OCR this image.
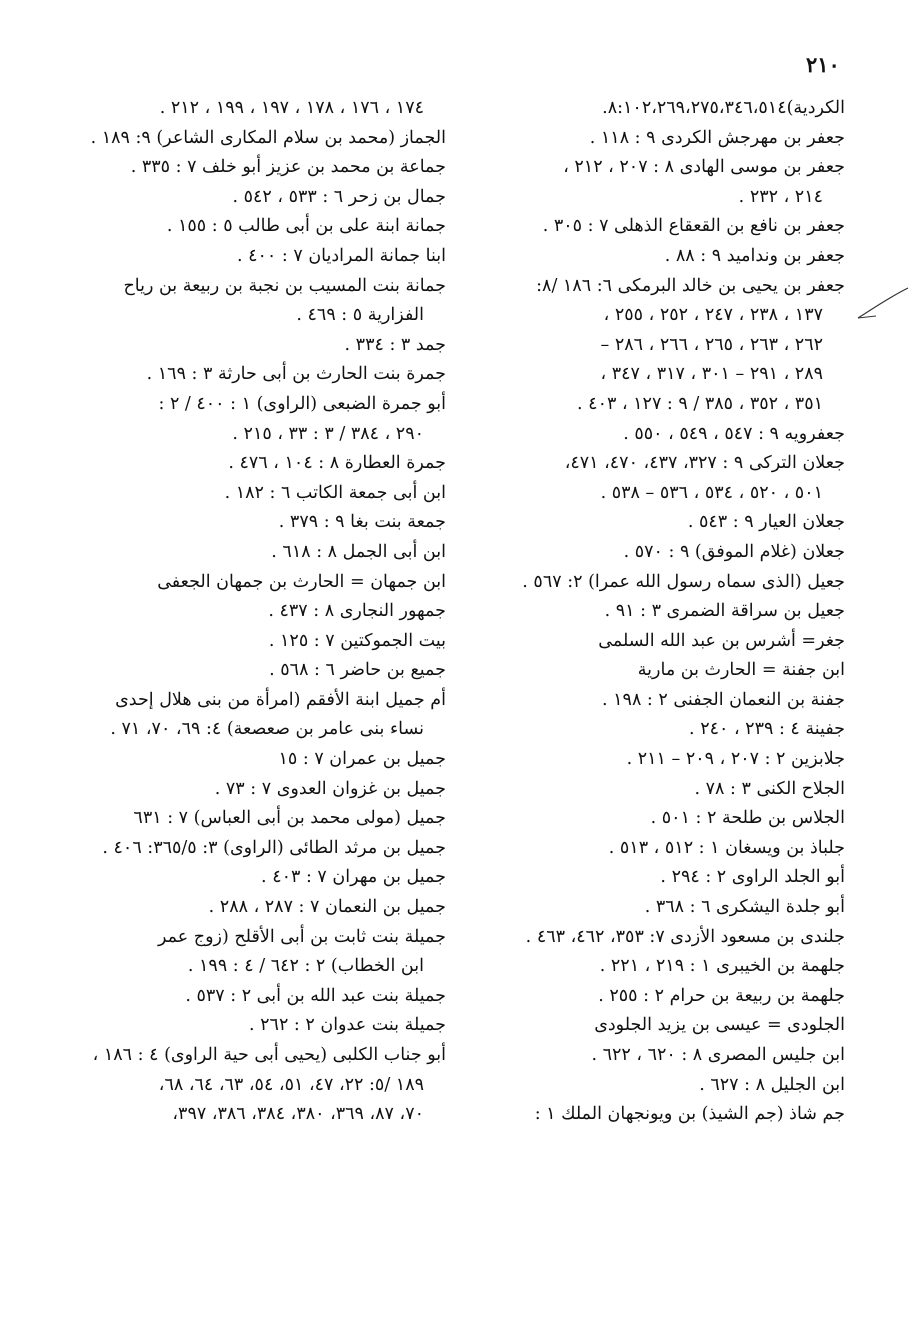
٢١٠
الكردية)٨:١٠٢،٢٦٩،٢٧٥،٣٤٦،٥١٤.
جعفر بن مهرجش الكردى ٩ : ١١٨ .
جعفر بن موسى الهادى ٨ : ٢٠٧ ، ٢١٢ ،
٢١٤ ، ٢٣٢ .
جعفر بن نافع بن القعقاع الذهلى ٧ : ٣٠٥ .
جعفر بن وندامید ٩ : ٨٨ .
جعفر بن يحيى بن خالد البرمكى ٦: ١٨٦ /٨:
١٣٧ ، ٢٣٨ ، ٢٤٧ ، ٢٥٢ ، ٢٥٥ ،
٢٦٢ ، ٢٦٣ ، ٢٦٥ ، ٢٦٦ ، ٢٨٦ –
٢٨٩ ، ٢٩١ – ٣٠١ ، ٣١٧ ، ٣٤٧ ،
٣٥١ ، ٣٥٢ ، ٣٨٥ / ٩ : ١٢٧ ، ٤٠٣ .
جعفرويه ٩ : ٥٤٧ ، ٥٤٩ ، ٥٥٠ .
جعلان التركى ٩ : ٣٢٧، ٤٣٧، ٤٧٠، ٤٧١،
٥٠١ ، ٥٢٠ ، ٥٣٤ ، ٥٣٦ – ٥٣٨ .
جعلان العيار ٩ : ٥٤٣ .
جعلان (غلام الموفق) ٩ : ٥٧٠ .
جعيل (الذى سماه رسول الله عمرا) ٢: ٥٦٧ .
جعيل بن سراقة الضمرى ٣ : ٩١ .
جغر= أشرس بن عبد الله السلمى
ابن جفنة = الحارث بن مارية
جفنة بن النعمان الجفنى ٢ : ١٩٨ .
جفينة ٤ : ٢٣٩ ، ٢٤٠ .
جلابزين ٢ : ٢٠٧ ، ٢٠٩ – ٢١١ .
الجلاح الكنى ٣ : ٧٨ .
الجلاس بن طلحة ٢ : ٥٠١ .
جلباذ بن ويسغان ١ : ٥١٢ ، ٥١٣ .
أبو الجلد الراوى ٢ : ٢٩٤ .
أبو جلدة اليشكرى ٦ : ٣٦٨ .
جلندى بن مسعود الأزدى ٧: ٣٥٣، ٤٦٢، ٤٦٣ .
جلهمة بن الخيبرى ١ : ٢١٩ ، ٢٢١ .
جلهمة بن ربيعة بن حرام ٢ : ٢٥٥ .
الجلودى = عيسى بن يزيد الجلودى
ابن جليس المصرى ٨ : ٦٢٠ ، ٦٢٢ .
ابن الجليل ٨ : ٦٢٧ .
جم شاذ (جم الشيذ) بن ويونجهان الملك ١ :
١٧٤ ، ١٧٦ ، ١٧٨ ، ١٩٧ ، ١٩٩ ، ٢١٢ .
الجماز (محمد بن سلام المكارى الشاعر) ٩: ١٨٩ .
جماعة بن محمد بن عزيز أبو خلف ٧ : ٣٣٥ .
جمال بن زحر ٦ : ٥٣٣ ، ٥٤٢ .
جمانة ابنة على بن أبى طالب ٥ : ١٥٥ .
ابنا جمانة المراديان ٧ : ٤٠٠ .
جمانة بنت المسيب بن نجبة بن ربيعة بن رياح
الفزارية ٥ : ٤٦٩ .
جمد ٣ : ٣٣٤ .
جمرة بنت الحارث بن أبى حارثة ٣ : ١٦٩ .
أبو جمرة الضبعى (الراوى) ١ : ٤٠٠ / ٢ :
٢٩٠ ، ٣٨٤ / ٣ : ٣٣ ، ٢١٥ .
جمرة العطارة ٨ : ١٠٤ ، ٤٧٦ .
ابن أبى جمعة الكاتب ٦ : ١٨٢ .
جمعة بنت بغا ٩ : ٣٧٩ .
ابن أبى الجمل ٨ : ٦١٨ .
ابن جمهان = الحارث بن جمهان الجعفى
جمهور النجارى ٨ : ٤٣٧ .
بيت الجموكتين ٧ : ١٢٥ .
جميع بن حاضر ٦ : ٥٦٨ .
أم جميل ابنة الأفقم (امرأة من بنى هلال إحدى
نساء بنى عامر بن صعصعة) ٤: ٦٩، ٧٠، ٧١ .
جميل بن عمران ٧ : ١٥
جميل بن غزوان العدوى ٧ : ٧٣ .
جميل (مولى محمد بن أبى العباس) ٧ : ٦٣١
جميل بن مرثد الطائى (الراوى) ٣: ٣٦٥/٥: ٤٠٦ .
جميل بن مهران ٧ : ٤٠٣ .
جميل بن النعمان ٧ : ٢٨٧ ، ٢٨٨ .
جميلة بنت ثابت بن أبى الأقلح (زوج عمر
ابن الخطاب) ٢ : ٦٤٢ / ٤ : ١٩٩ .
جميلة بنت عبد الله بن أبى ٢ : ٥٣٧ .
جميلة بنت عدوان ٢ : ٢٦٢ .
أبو جناب الكلبى (يحيى أبى حية الراوى) ٤ : ١٨٦ ،
١٨٩ /٥: ٢٢، ٤٧، ٥١، ٥٤، ٦٣، ٦٤، ٦٨،
٧٠، ٨٧، ٣٦٩، ٣٨٠، ٣٨٤، ٣٨٦، ٣٩٧،
